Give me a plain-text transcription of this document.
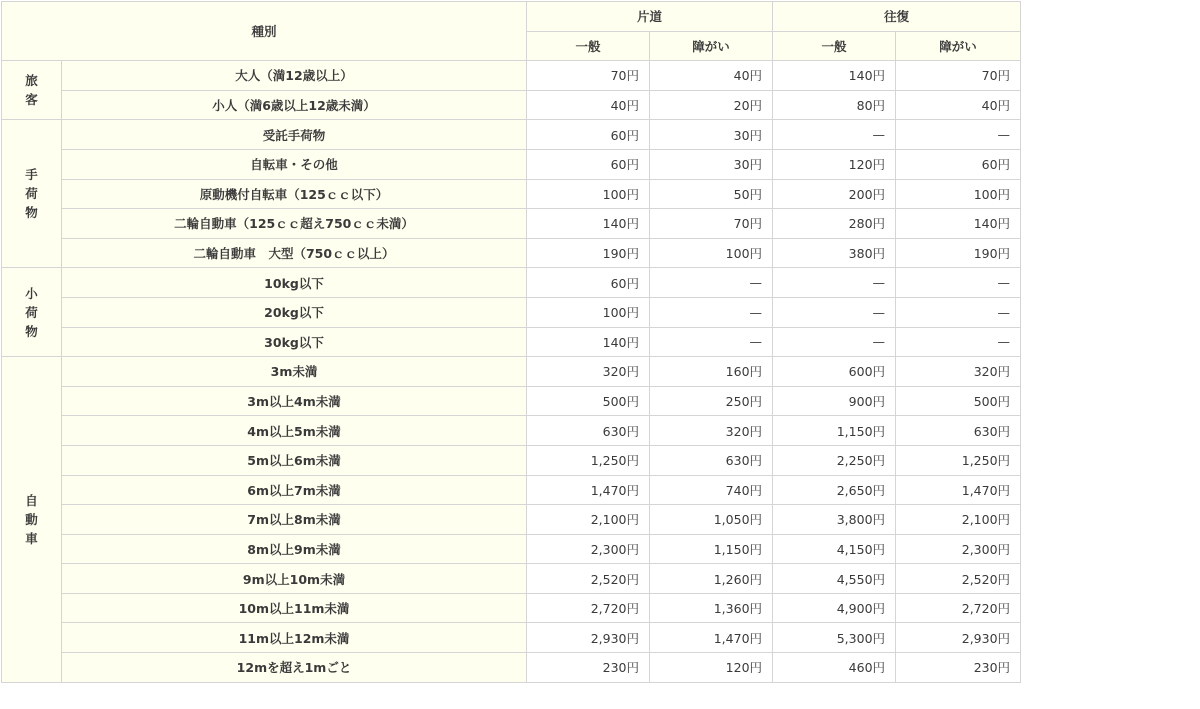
種別		片道		往復	
		一般	障がい	一般	障がい

旅
客	大人（満12歳以上）	70円	40円	140円	70円
	小人（満6歳以上12歳未満）	40円	20円	80円	40円

手
荷
物	受託手荷物	60円	30円	—	—
	自転車・その他	60円	30円	120円	60円
	原動機付自転車（125ｃｃ以下）	100円	50円	200円	100円
	二輪自動車（125ｃｃ超え750ｃｃ未満）	140円	70円	280円	140円
	二輪自動車　大型（750ｃｃ以上）	190円	100円	380円	190円

小
荷
物	10kg以下	60円	—	—	—
	20kg以下	100円	—	—	—
	30kg以下	140円	—	—	—

自
動
車	3m未満	320円	160円	600円	320円
	3m以上4m未満	500円	250円	900円	500円
	4m以上5m未満	630円	320円	1,150円	630円
	5m以上6m未満	1,250円	630円	2,250円	1,250円
	6m以上7m未満	1,470円	740円	2,650円	1,470円
	7m以上8m未満	2,100円	1,050円	3,800円	2,100円
	8m以上9m未満	2,300円	1,150円	4,150円	2,300円
	9m以上10m未満	2,520円	1,260円	4,550円	2,520円
	10m以上11m未満	2,720円	1,360円	4,900円	2,720円
	11m以上12m未満	2,930円	1,470円	5,300円	2,930円
	12mを超え1mごと	230円	120円	460円	230円
